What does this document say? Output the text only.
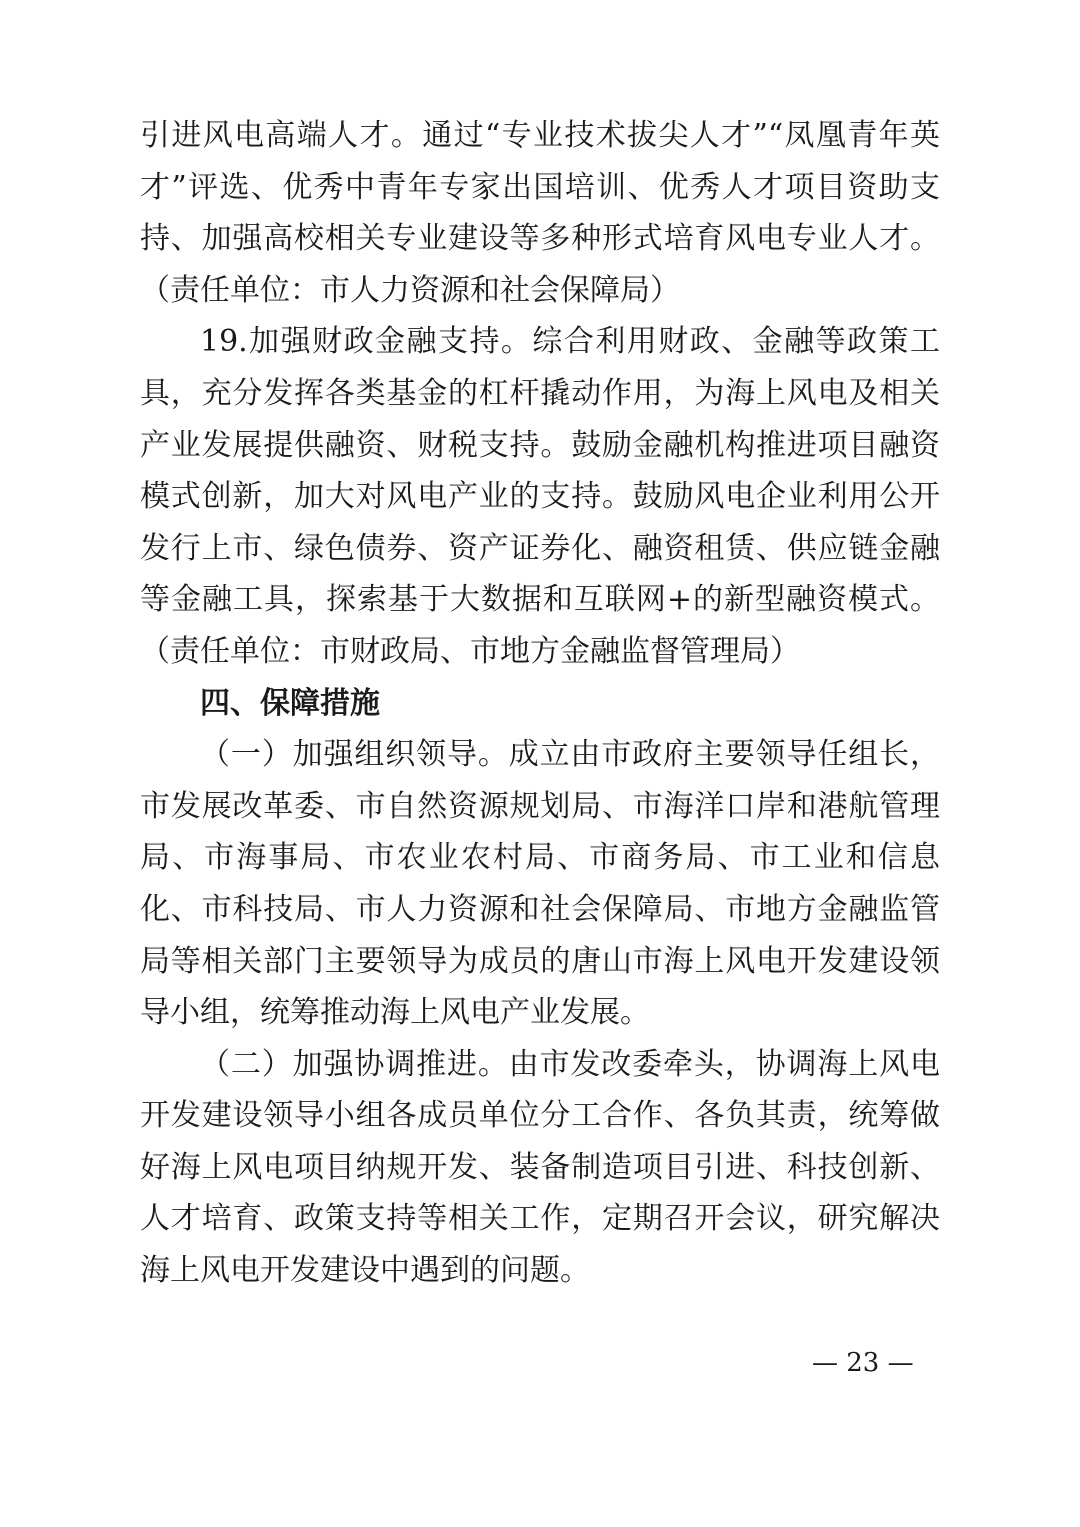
引进风电高端人才。通过“专业技术拔尖人才”“凤凰青年英才”评选、优秀中青年专家出国培训、优秀人才项目资助支持、加强高校相关专业建设等多种形式培育风电专业人才。（责任单位：市人力资源和社会保障局）

19.加强财政金融支持。综合利用财政、金融等政策工具，充分发挥各类基金的杠杆撬动作用，为海上风电及相关产业发展提供融资、财税支持。鼓励金融机构推进项目融资模式创新，加大对风电产业的支持。鼓励风电企业利用公开发行上市、绿色债券、资产证券化、融资租赁、供应链金融等金融工具，探索基于大数据和互联网+的新型融资模式。（责任单位：市财政局、市地方金融监督管理局）

四、保障措施

（一）加强组织领导。成立由市政府主要领导任组长，市发展改革委、市自然资源规划局、市海洋口岸和港航管理局、市海事局、市农业农村局、市商务局、市工业和信息化、市科技局、市人力资源和社会保障局、市地方金融监管局等相关部门主要领导为成员的唐山市海上风电开发建设领导小组，统筹推动海上风电产业发展。

（二）加强协调推进。由市发改委牵头，协调海上风电开发建设领导小组各成员单位分工合作、各负其责，统筹做好海上风电项目纳规开发、装备制造项目引进、科技创新、人才培育、政策支持等相关工作，定期召开会议，研究解决海上风电开发建设中遇到的问题。

— 23 —
